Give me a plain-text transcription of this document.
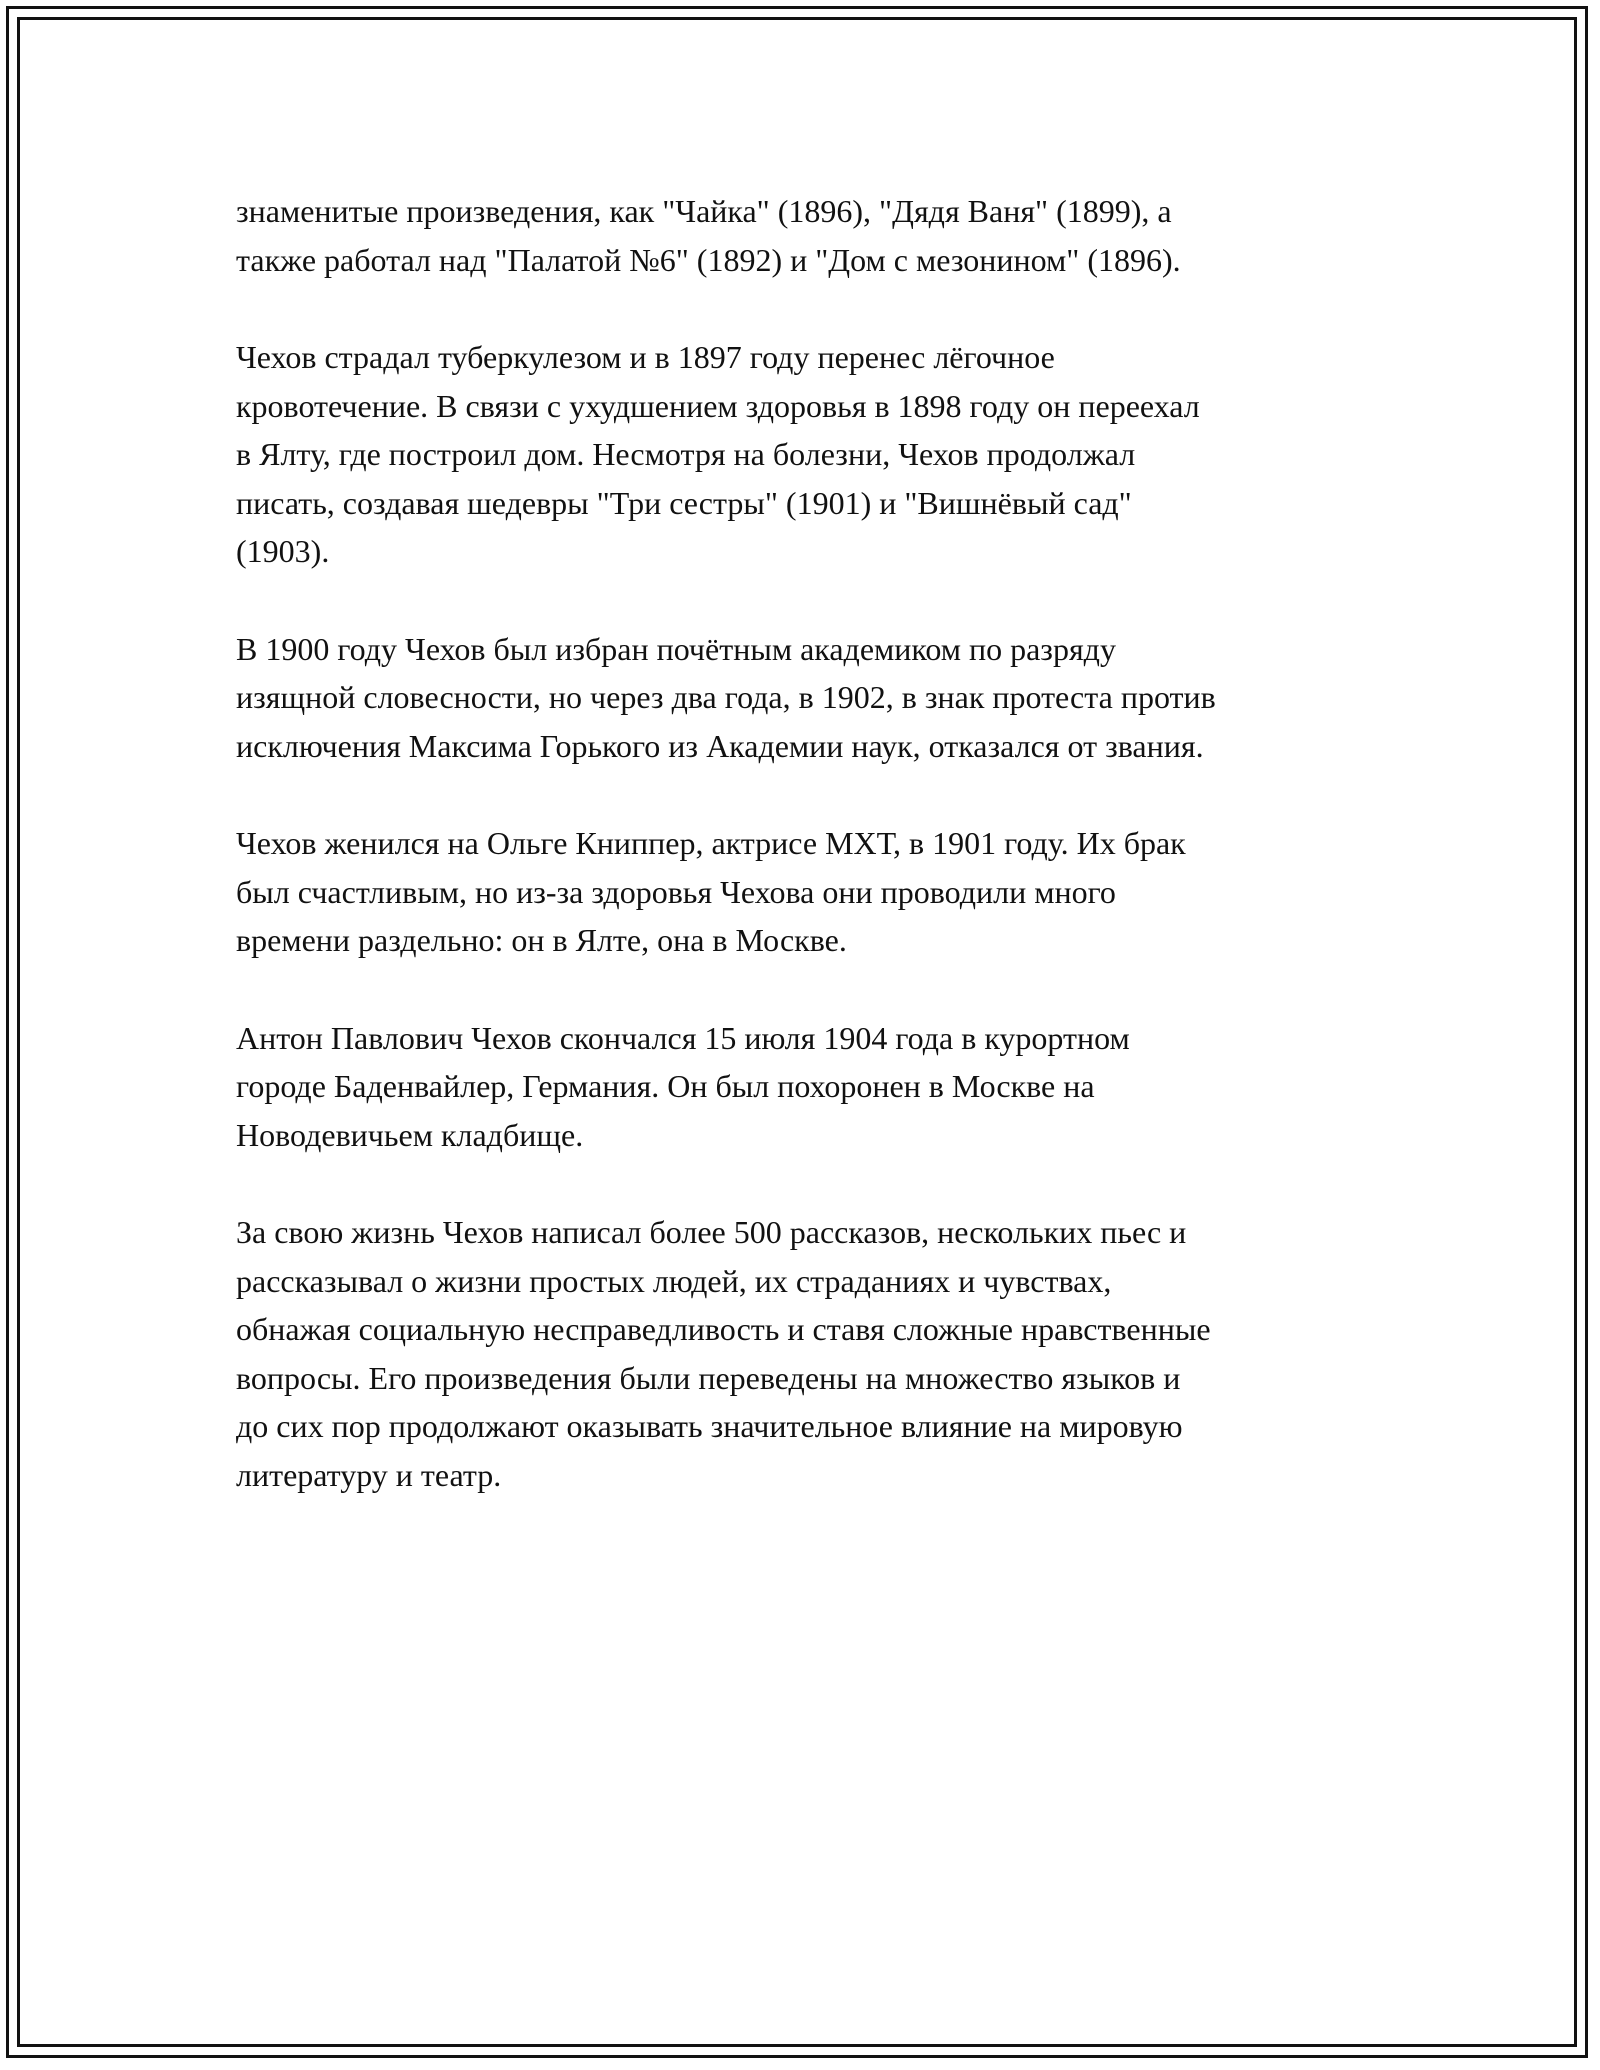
знаменитые произведения, как "Чайка" (1896), "Дядя Ваня" (1899), а
также работал над "Палатой №6" (1892) и "Дом с мезонином" (1896).

Чехов страдал туберкулезом и в 1897 году перенес лёгочное
кровотечение. В связи с ухудшением здоровья в 1898 году он переехал
в Ялту, где построил дом. Несмотря на болезни, Чехов продолжал
писать, создавая шедевры "Три сестры" (1901) и "Вишнёвый сад"
(1903).

В 1900 году Чехов был избран почётным академиком по разряду
изящной словесности, но через два года, в 1902, в знак протеста против
исключения Максима Горького из Академии наук, отказался от звания.

Чехов женился на Ольге Книппер, актрисе МХТ, в 1901 году. Их брак
был счастливым, но из-за здоровья Чехова они проводили много
времени раздельно: он в Ялте, она в Москве.

Антон Павлович Чехов скончался 15 июля 1904 года в курортном
городе Баденвайлер, Германия. Он был похоронен в Москве на
Новодевичьем кладбище.

За свою жизнь Чехов написал более 500 рассказов, нескольких пьес и
рассказывал о жизни простых людей, их страданиях и чувствах,
обнажая социальную несправедливость и ставя сложные нравственные
вопросы. Его произведения были переведены на множество языков и
до сих пор продолжают оказывать значительное влияние на мировую
литературу и театр.
